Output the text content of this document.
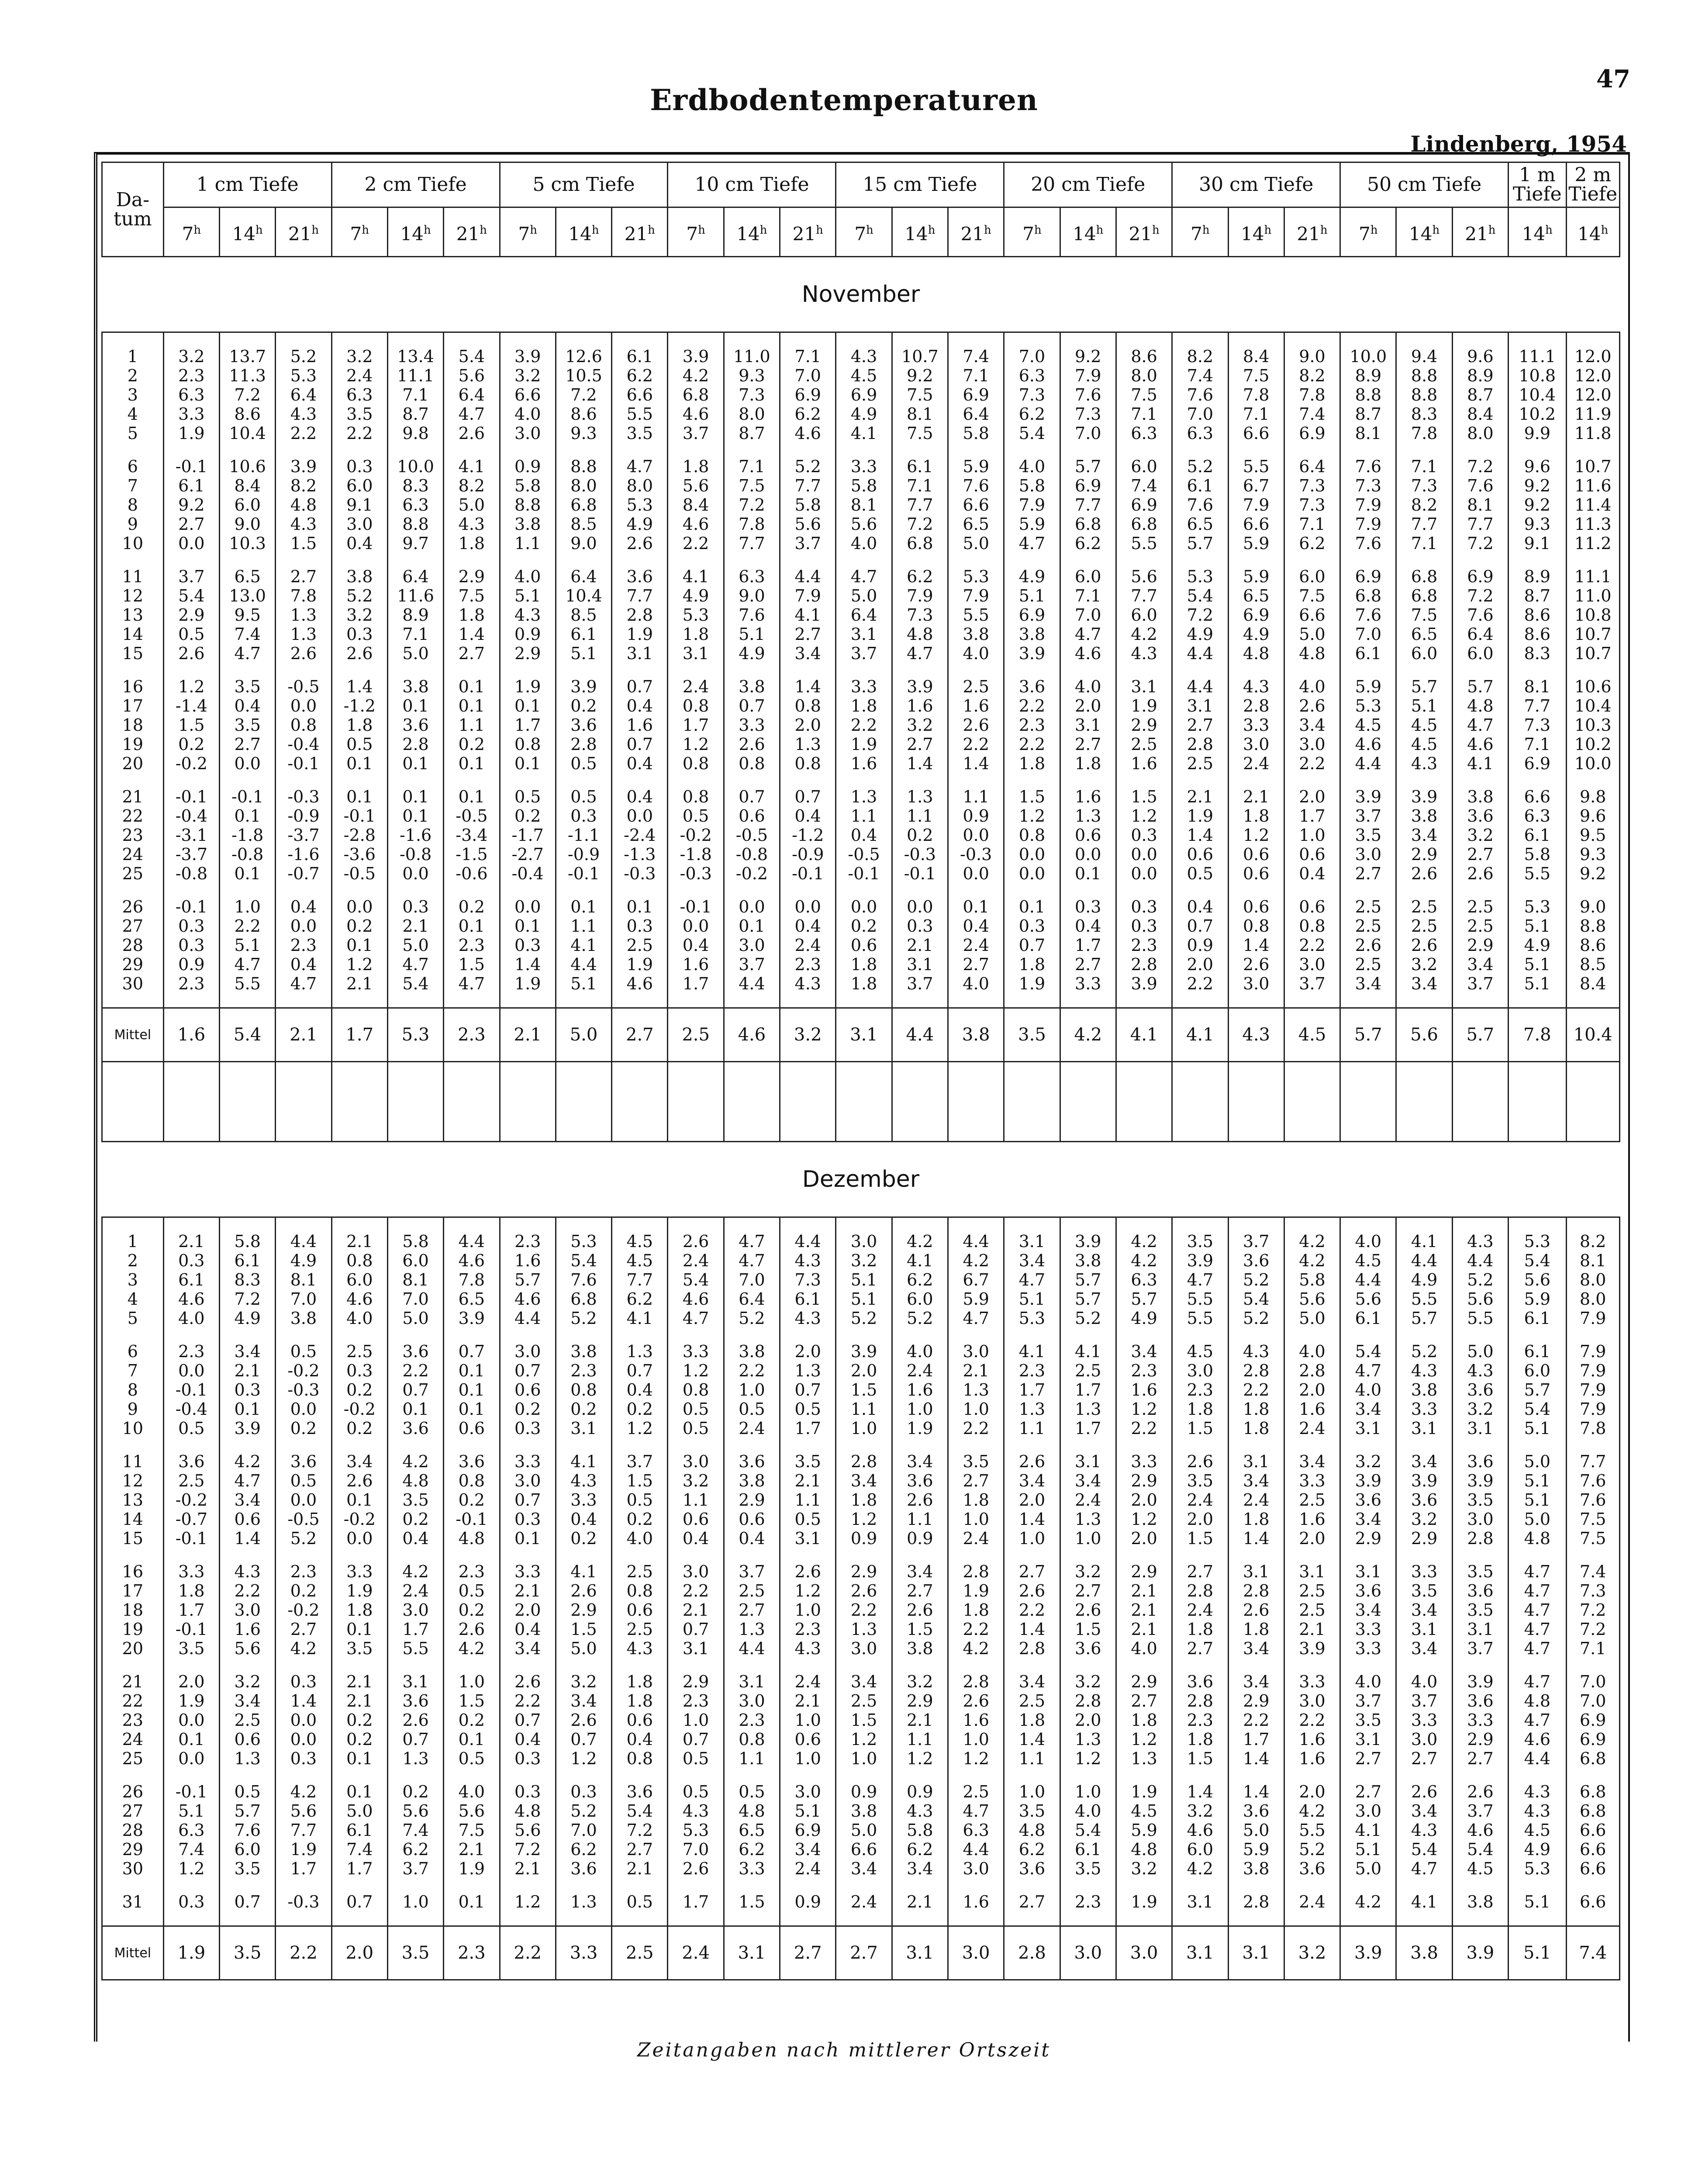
47
Erdbodentemperaturen
Lindenberg, 1954
Da-tum	1 cm Tiefe			2 cm Tiefe			5 cm Tiefe			10 cm Tiefe			15 cm Tiefe			20 cm Tiefe			30 cm Tiefe			50 cm Tiefe			1 m Tiefe	2 m Tiefe
	7$^h$	14$^h$	21$^h$	7$^h$	14$^h$	21$^h$	7$^h$	14$^h$	21$^h$	7$^h$	14$^h$	21$^h$	7$^h$	14$^h$	21$^h$	7$^h$	14$^h$	21$^h$	7$^h$	14$^h$	21$^h$	7$^h$	14$^h$	21$^h$	14$^h$	14$^h$
November																										

1	3.2	13.7	5.2	3.2	13.4	5.4	3.9	12.6	6.1	3.9	11.0	7.1	4.3	10.7	7.4	7.0	9.2	8.6	8.2	8.4	9.0	10.0	9.4	9.6	11.1	12.0
2	2.3	11.3	5.3	2.4	11.1	5.6	3.2	10.5	6.2	4.2	9.3	7.0	4.5	9.2	7.1	6.3	7.9	8.0	7.4	7.5	8.2	8.9	8.8	8.9	10.8	12.0
3	6.3	7.2	6.4	6.3	7.1	6.4	6.6	7.2	6.6	6.8	7.3	6.9	6.9	7.5	6.9	7.3	7.6	7.5	7.6	7.8	7.8	8.8	8.8	8.7	10.4	12.0
4	3.3	8.6	4.3	3.5	8.7	4.7	4.0	8.6	5.5	4.6	8.0	6.2	4.9	8.1	6.4	6.2	7.3	7.1	7.0	7.1	7.4	8.7	8.3	8.4	10.2	11.9
5	1.9	10.4	2.2	2.2	9.8	2.6	3.0	9.3	3.5	3.7	8.7	4.6	4.1	7.5	5.8	5.4	7.0	6.3	6.3	6.6	6.9	8.1	7.8	8.0	9.9	11.8

6	-0.1	10.6	3.9	0.3	10.0	4.1	0.9	8.8	4.7	1.8	7.1	5.2	3.3	6.1	5.9	4.0	5.7	6.0	5.2	5.5	6.4	7.6	7.1	7.2	9.6	10.7
7	6.1	8.4	8.2	6.0	8.3	8.2	5.8	8.0	8.0	5.6	7.5	7.7	5.8	7.1	7.6	5.8	6.9	7.4	6.1	6.7	7.3	7.3	7.3	7.6	9.2	11.6
8	9.2	6.0	4.8	9.1	6.3	5.0	8.8	6.8	5.3	8.4	7.2	5.8	8.1	7.7	6.6	7.9	7.7	6.9	7.6	7.9	7.3	7.9	8.2	8.1	9.2	11.4
9	2.7	9.0	4.3	3.0	8.8	4.3	3.8	8.5	4.9	4.6	7.8	5.6	5.6	7.2	6.5	5.9	6.8	6.8	6.5	6.6	7.1	7.9	7.7	7.7	9.3	11.3
10	0.0	10.3	1.5	0.4	9.7	1.8	1.1	9.0	2.6	2.2	7.7	3.7	4.0	6.8	5.0	4.7	6.2	5.5	5.7	5.9	6.2	7.6	7.1	7.2	9.1	11.2

11	3.7	6.5	2.7	3.8	6.4	2.9	4.0	6.4	3.6	4.1	6.3	4.4	4.7	6.2	5.3	4.9	6.0	5.6	5.3	5.9	6.0	6.9	6.8	6.9	8.9	11.1
12	5.4	13.0	7.8	5.2	11.6	7.5	5.1	10.4	7.7	4.9	9.0	7.9	5.0	7.9	7.9	5.1	7.1	7.7	5.4	6.5	7.5	6.8	6.8	7.2	8.7	11.0
13	2.9	9.5	1.3	3.2	8.9	1.8	4.3	8.5	2.8	5.3	7.6	4.1	6.4	7.3	5.5	6.9	7.0	6.0	7.2	6.9	6.6	7.6	7.5	7.6	8.6	10.8
14	0.5	7.4	1.3	0.3	7.1	1.4	0.9	6.1	1.9	1.8	5.1	2.7	3.1	4.8	3.8	3.8	4.7	4.2	4.9	4.9	5.0	7.0	6.5	6.4	8.6	10.7
15	2.6	4.7	2.6	2.6	5.0	2.7	2.9	5.1	3.1	3.1	4.9	3.4	3.7	4.7	4.0	3.9	4.6	4.3	4.4	4.8	4.8	6.1	6.0	6.0	8.3	10.7

16	1.2	3.5	-0.5	1.4	3.8	0.1	1.9	3.9	0.7	2.4	3.8	1.4	3.3	3.9	2.5	3.6	4.0	3.1	4.4	4.3	4.0	5.9	5.7	5.7	8.1	10.6
17	-1.4	0.4	0.0	-1.2	0.1	0.1	0.1	0.2	0.4	0.8	0.7	0.8	1.8	1.6	1.6	2.2	2.0	1.9	3.1	2.8	2.6	5.3	5.1	4.8	7.7	10.4
18	1.5	3.5	0.8	1.8	3.6	1.1	1.7	3.6	1.6	1.7	3.3	2.0	2.2	3.2	2.6	2.3	3.1	2.9	2.7	3.3	3.4	4.5	4.5	4.7	7.3	10.3
19	0.2	2.7	-0.4	0.5	2.8	0.2	0.8	2.8	0.7	1.2	2.6	1.3	1.9	2.7	2.2	2.2	2.7	2.5	2.8	3.0	3.0	4.6	4.5	4.6	7.1	10.2
20	-0.2	0.0	-0.1	0.1	0.1	0.1	0.1	0.5	0.4	0.8	0.8	0.8	1.6	1.4	1.4	1.8	1.8	1.6	2.5	2.4	2.2	4.4	4.3	4.1	6.9	10.0

21	-0.1	-0.1	-0.3	0.1	0.1	0.1	0.5	0.5	0.4	0.8	0.7	0.7	1.3	1.3	1.1	1.5	1.6	1.5	2.1	2.1	2.0	3.9	3.9	3.8	6.6	9.8
22	-0.4	0.1	-0.9	-0.1	0.1	-0.5	0.2	0.3	0.0	0.5	0.6	0.4	1.1	1.1	0.9	1.2	1.3	1.2	1.9	1.8	1.7	3.7	3.8	3.6	6.3	9.6
23	-3.1	-1.8	-3.7	-2.8	-1.6	-3.4	-1.7	-1.1	-2.4	-0.2	-0.5	-1.2	0.4	0.2	0.0	0.8	0.6	0.3	1.4	1.2	1.0	3.5	3.4	3.2	6.1	9.5
24	-3.7	-0.8	-1.6	-3.6	-0.8	-1.5	-2.7	-0.9	-1.3	-1.8	-0.8	-0.9	-0.5	-0.3	-0.3	0.0	0.0	0.0	0.6	0.6	0.6	3.0	2.9	2.7	5.8	9.3
25	-0.8	0.1	-0.7	-0.5	0.0	-0.6	-0.4	-0.1	-0.3	-0.3	-0.2	-0.1	-0.1	-0.1	0.0	0.0	0.1	0.0	0.5	0.6	0.4	2.7	2.6	2.6	5.5	9.2

26	-0.1	1.0	0.4	0.0	0.3	0.2	0.0	0.1	0.1	-0.1	0.0	0.0	0.0	0.0	0.1	0.1	0.3	0.3	0.4	0.6	0.6	2.5	2.5	2.5	5.3	9.0
27	0.3	2.2	0.0	0.2	2.1	0.1	0.1	1.1	0.3	0.0	0.1	0.4	0.2	0.3	0.4	0.3	0.4	0.3	0.7	0.8	0.8	2.5	2.5	2.5	5.1	8.8
28	0.3	5.1	2.3	0.1	5.0	2.3	0.3	4.1	2.5	0.4	3.0	2.4	0.6	2.1	2.4	0.7	1.7	2.3	0.9	1.4	2.2	2.6	2.6	2.9	4.9	8.6
29	0.9	4.7	0.4	1.2	4.7	1.5	1.4	4.4	1.9	1.6	3.7	2.3	1.8	3.1	2.7	1.8	2.7	2.8	2.0	2.6	3.0	2.5	3.2	3.4	5.1	8.5
30	2.3	5.5	4.7	2.1	5.4	4.7	1.9	5.1	4.6	1.7	4.4	4.3	1.8	3.7	4.0	1.9	3.3	3.9	2.2	3.0	3.7	3.4	3.4	3.7	5.1	8.4

Mittel	1.6	5.4	2.1	1.7	5.3	2.3	2.1	5.0	2.7	2.5	4.6	3.2	3.1	4.4	3.8	3.5	4.2	4.1	4.1	4.3	4.5	5.7	5.6	5.7	7.8	10.4

Dezember																										

1	2.1	5.8	4.4	2.1	5.8	4.4	2.3	5.3	4.5	2.6	4.7	4.4	3.0	4.2	4.4	3.1	3.9	4.2	3.5	3.7	4.2	4.0	4.1	4.3	5.3	8.2
2	0.3	6.1	4.9	0.8	6.0	4.6	1.6	5.4	4.5	2.4	4.7	4.3	3.2	4.1	4.2	3.4	3.8	4.2	3.9	3.6	4.2	4.5	4.4	4.4	5.4	8.1
3	6.1	8.3	8.1	6.0	8.1	7.8	5.7	7.6	7.7	5.4	7.0	7.3	5.1	6.2	6.7	4.7	5.7	6.3	4.7	5.2	5.8	4.4	4.9	5.2	5.6	8.0
4	4.6	7.2	7.0	4.6	7.0	6.5	4.6	6.8	6.2	4.6	6.4	6.1	5.1	6.0	5.9	5.1	5.7	5.7	5.5	5.4	5.6	5.6	5.5	5.6	5.9	8.0
5	4.0	4.9	3.8	4.0	5.0	3.9	4.4	5.2	4.1	4.7	5.2	4.3	5.2	5.2	4.7	5.3	5.2	4.9	5.5	5.2	5.0	6.1	5.7	5.5	6.1	7.9

6	2.3	3.4	0.5	2.5	3.6	0.7	3.0	3.8	1.3	3.3	3.8	2.0	3.9	4.0	3.0	4.1	4.1	3.4	4.5	4.3	4.0	5.4	5.2	5.0	6.1	7.9
7	0.0	2.1	-0.2	0.3	2.2	0.1	0.7	2.3	0.7	1.2	2.2	1.3	2.0	2.4	2.1	2.3	2.5	2.3	3.0	2.8	2.8	4.7	4.3	4.3	6.0	7.9
8	-0.1	0.3	-0.3	0.2	0.7	0.1	0.6	0.8	0.4	0.8	1.0	0.7	1.5	1.6	1.3	1.7	1.7	1.6	2.3	2.2	2.0	4.0	3.8	3.6	5.7	7.9
9	-0.4	0.1	0.0	-0.2	0.1	0.1	0.2	0.2	0.2	0.5	0.5	0.5	1.1	1.0	1.0	1.3	1.3	1.2	1.8	1.8	1.6	3.4	3.3	3.2	5.4	7.9
10	0.5	3.9	0.2	0.2	3.6	0.6	0.3	3.1	1.2	0.5	2.4	1.7	1.0	1.9	2.2	1.1	1.7	2.2	1.5	1.8	2.4	3.1	3.1	3.1	5.1	7.8

11	3.6	4.2	3.6	3.4	4.2	3.6	3.3	4.1	3.7	3.0	3.6	3.5	2.8	3.4	3.5	2.6	3.1	3.3	2.6	3.1	3.4	3.2	3.4	3.6	5.0	7.7
12	2.5	4.7	0.5	2.6	4.8	0.8	3.0	4.3	1.5	3.2	3.8	2.1	3.4	3.6	2.7	3.4	3.4	2.9	3.5	3.4	3.3	3.9	3.9	3.9	5.1	7.6
13	-0.2	3.4	0.0	0.1	3.5	0.2	0.7	3.3	0.5	1.1	2.9	1.1	1.8	2.6	1.8	2.0	2.4	2.0	2.4	2.4	2.5	3.6	3.6	3.5	5.1	7.6
14	-0.7	0.6	-0.5	-0.2	0.2	-0.1	0.3	0.4	0.2	0.6	0.6	0.5	1.2	1.1	1.0	1.4	1.3	1.2	2.0	1.8	1.6	3.4	3.2	3.0	5.0	7.5
15	-0.1	1.4	5.2	0.0	0.4	4.8	0.1	0.2	4.0	0.4	0.4	3.1	0.9	0.9	2.4	1.0	1.0	2.0	1.5	1.4	2.0	2.9	2.9	2.8	4.8	7.5

16	3.3	4.3	2.3	3.3	4.2	2.3	3.3	4.1	2.5	3.0	3.7	2.6	2.9	3.4	2.8	2.7	3.2	2.9	2.7	3.1	3.1	3.1	3.3	3.5	4.7	7.4
17	1.8	2.2	0.2	1.9	2.4	0.5	2.1	2.6	0.8	2.2	2.5	1.2	2.6	2.7	1.9	2.6	2.7	2.1	2.8	2.8	2.5	3.6	3.5	3.6	4.7	7.3
18	1.7	3.0	-0.2	1.8	3.0	0.2	2.0	2.9	0.6	2.1	2.7	1.0	2.2	2.6	1.8	2.2	2.6	2.1	2.4	2.6	2.5	3.4	3.4	3.5	4.7	7.2
19	-0.1	1.6	2.7	0.1	1.7	2.6	0.4	1.5	2.5	0.7	1.3	2.3	1.3	1.5	2.2	1.4	1.5	2.1	1.8	1.8	2.1	3.3	3.1	3.1	4.7	7.2
20	3.5	5.6	4.2	3.5	5.5	4.2	3.4	5.0	4.3	3.1	4.4	4.3	3.0	3.8	4.2	2.8	3.6	4.0	2.7	3.4	3.9	3.3	3.4	3.7	4.7	7.1

21	2.0	3.2	0.3	2.1	3.1	1.0	2.6	3.2	1.8	2.9	3.1	2.4	3.4	3.2	2.8	3.4	3.2	2.9	3.6	3.4	3.3	4.0	4.0	3.9	4.7	7.0
22	1.9	3.4	1.4	2.1	3.6	1.5	2.2	3.4	1.8	2.3	3.0	2.1	2.5	2.9	2.6	2.5	2.8	2.7	2.8	2.9	3.0	3.7	3.7	3.6	4.8	7.0
23	0.0	2.5	0.0	0.2	2.6	0.2	0.7	2.6	0.6	1.0	2.3	1.0	1.5	2.1	1.6	1.8	2.0	1.8	2.3	2.2	2.2	3.5	3.3	3.3	4.7	6.9
24	0.1	0.6	0.0	0.2	0.7	0.1	0.4	0.7	0.4	0.7	0.8	0.6	1.2	1.1	1.0	1.4	1.3	1.2	1.8	1.7	1.6	3.1	3.0	2.9	4.6	6.9
25	0.0	1.3	0.3	0.1	1.3	0.5	0.3	1.2	0.8	0.5	1.1	1.0	1.0	1.2	1.2	1.1	1.2	1.3	1.5	1.4	1.6	2.7	2.7	2.7	4.4	6.8

26	-0.1	0.5	4.2	0.1	0.2	4.0	0.3	0.3	3.6	0.5	0.5	3.0	0.9	0.9	2.5	1.0	1.0	1.9	1.4	1.4	2.0	2.7	2.6	2.6	4.3	6.8
27	5.1	5.7	5.6	5.0	5.6	5.6	4.8	5.2	5.4	4.3	4.8	5.1	3.8	4.3	4.7	3.5	4.0	4.5	3.2	3.6	4.2	3.0	3.4	3.7	4.3	6.8
28	6.3	7.6	7.7	6.1	7.4	7.5	5.6	7.0	7.2	5.3	6.5	6.9	5.0	5.8	6.3	4.8	5.4	5.9	4.6	5.0	5.5	4.1	4.3	4.6	4.5	6.6
29	7.4	6.0	1.9	7.4	6.2	2.1	7.2	6.2	2.7	7.0	6.2	3.4	6.6	6.2	4.4	6.2	6.1	4.8	6.0	5.9	5.2	5.1	5.4	5.4	4.9	6.6
30	1.2	3.5	1.7	1.7	3.7	1.9	2.1	3.6	2.1	2.6	3.3	2.4	3.4	3.4	3.0	3.6	3.5	3.2	4.2	3.8	3.6	5.0	4.7	4.5	5.3	6.6

31	0.3	0.7	-0.3	0.7	1.0	0.1	1.2	1.3	0.5	1.7	1.5	0.9	2.4	2.1	1.6	2.7	2.3	1.9	3.1	2.8	2.4	4.2	4.1	3.8	5.1	6.6

Mittel	1.9	3.5	2.2	2.0	3.5	2.3	2.2	3.3	2.5	2.4	3.1	2.7	2.7	3.1	3.0	2.8	3.0	3.0	3.1	3.1	3.2	3.9	3.8	3.9	5.1	7.4
Zeitangaben nach mittlerer Ortszeit
